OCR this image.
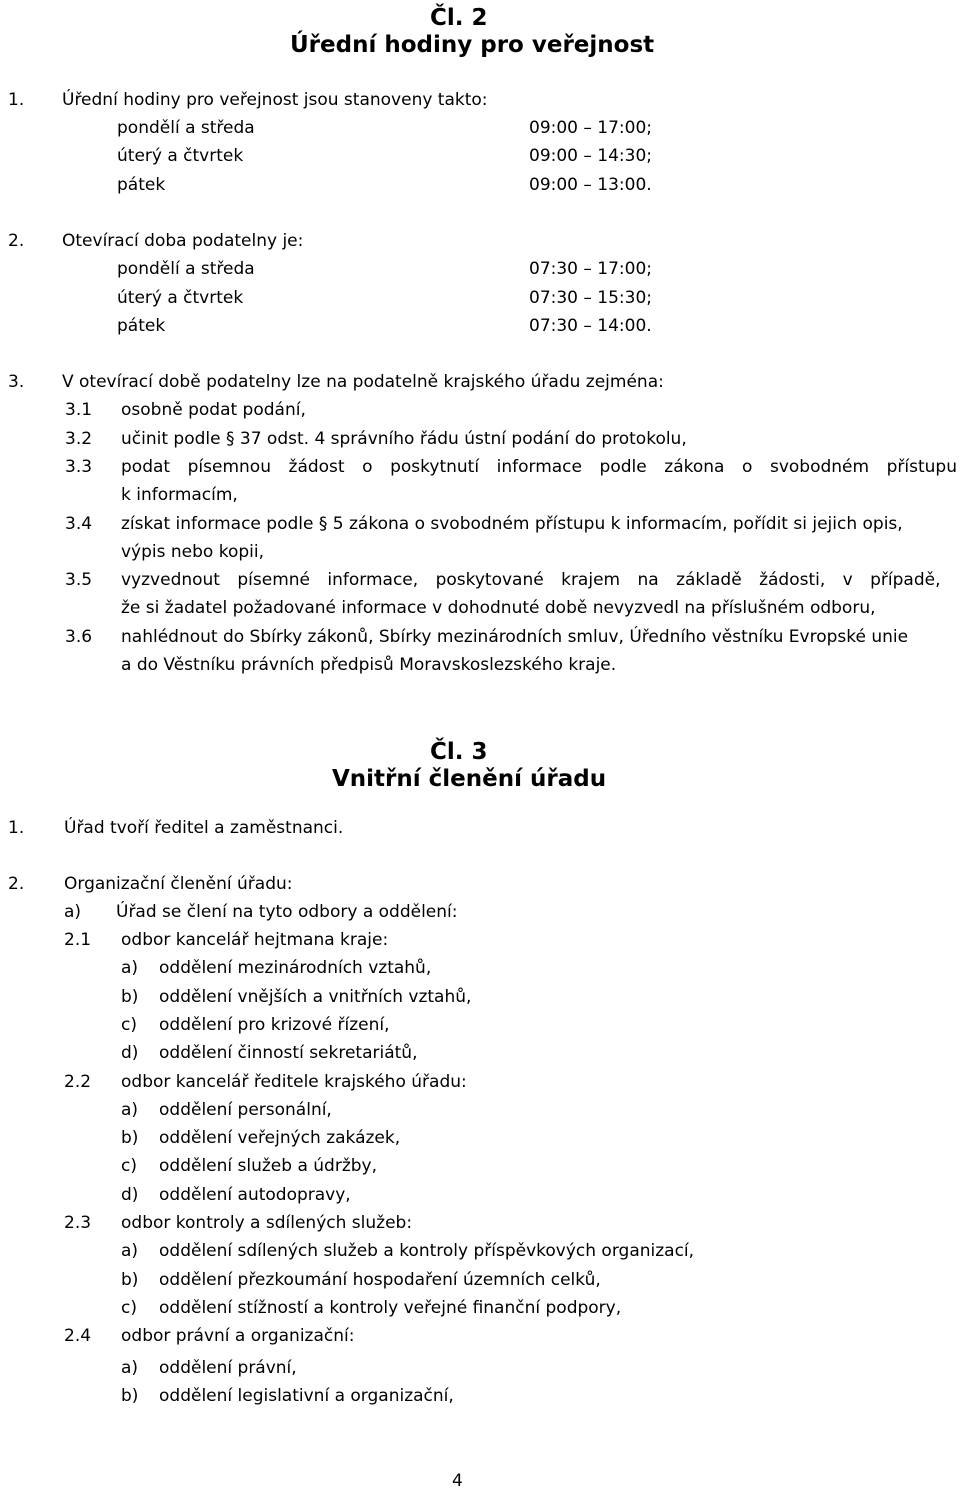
Čl. 2
Úřední hodiny pro veřejnost
1. Úřední hodiny pro veřejnost jsou stanoveny takto:
pondělí a středa	09:00 – 17:00;
úterý a čtvrtek	09:00 – 14:30;
pátek	09:00 – 13:00.
2. Otevírací doba podatelny je:
pondělí a středa	07:30 – 17:00;
úterý a čtvrtek	07:30 – 15:30;
pátek	07:30 – 14:00.
3. V otevírací době podatelny lze na podatelně krajského úřadu zejména:
3.1 osobně podat podání,
3.2 učinit podle § 37 odst. 4 správního řádu ústní podání do protokolu,
3.3 podat písemnou žádost o poskytnutí informace podle zákona o svobodném přístupu
k informacím,
3.4 získat informace podle § 5 zákona o svobodném přístupu k informacím, pořídit si jejich opis,
výpis nebo kopii,
3.5 vyzvednout písemné informace, poskytované krajem na základě žádosti, v případě,
že si žadatel požadované informace v dohodnuté době nevyzvedl na příslušném odboru,
3.6 nahlédnout do Sbírky zákonů, Sbírky mezinárodních smluv, Úředního věstníku Evropské unie
a do Věstníku právních předpisů Moravskoslezského kraje.
Čl. 3
Vnitřní členění úřadu
1. Úřad tvoří ředitel a zaměstnanci.
2. Organizační členění úřadu:
a) Úřad se člení na tyto odbory a oddělení:
2.1 odbor kancelář hejtmana kraje:
a) oddělení mezinárodních vztahů,
b) oddělení vnějších a vnitřních vztahů,
c) oddělení pro krizové řízení,
d) oddělení činností sekretariátů,
2.2 odbor kancelář ředitele krajského úřadu:
a) oddělení personální,
b) oddělení veřejných zakázek,
c) oddělení služeb a údržby,
d) oddělení autodopravy,
2.3 odbor kontroly a sdílených služeb:
a) oddělení sdílených služeb a kontroly příspěvkových organizací,
b) oddělení přezkoumání hospodaření územních celků,
c) oddělení stížností a kontroly veřejné finanční podpory,
2.4 odbor právní a organizační:
a) oddělení právní,
b) oddělení legislativní a organizační,
4
